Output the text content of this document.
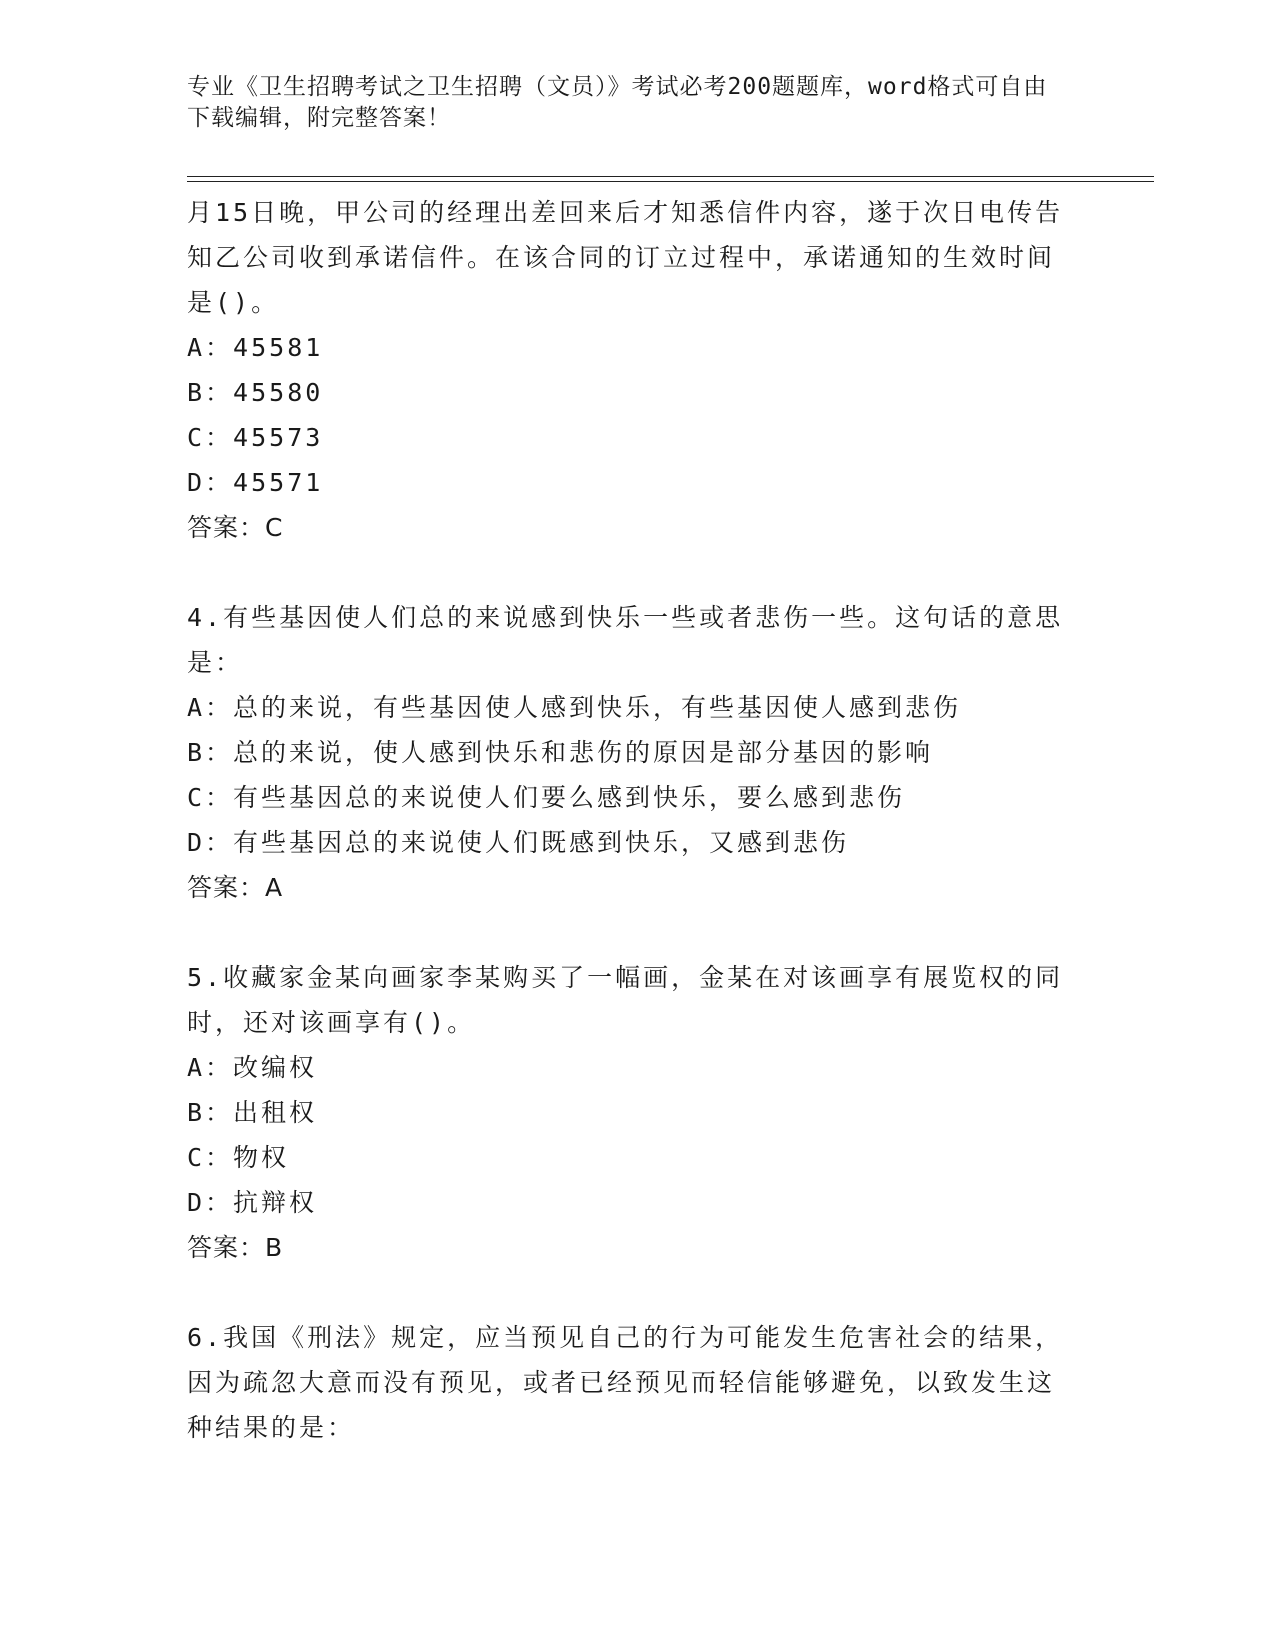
专业《卫生招聘考试之卫生招聘（文员）》考试必考200题题库，word格式可自由下载编辑，附完整答案！

月15日晚，甲公司的经理出差回来后才知悉信件内容，遂于次日电传告知乙公司收到承诺信件。在该合同的订立过程中，承诺通知的生效时间是()。

A：45581

B：45580

C：45573

D：45571

答案：C

4.有些基因使人们总的来说感到快乐一些或者悲伤一些。这句话的意思是：

A：总的来说，有些基因使人感到快乐，有些基因使人感到悲伤

B：总的来说，使人感到快乐和悲伤的原因是部分基因的影响

C：有些基因总的来说使人们要么感到快乐，要么感到悲伤

D：有些基因总的来说使人们既感到快乐，又感到悲伤

答案：A

5.收藏家金某向画家李某购买了一幅画，金某在对该画享有展览权的同时，还对该画享有()。

A：改编权

B：出租权

C：物权

D：抗辩权

答案：B

6.我国《刑法》规定，应当预见自己的行为可能发生危害社会的结果，因为疏忽大意而没有预见，或者已经预见而轻信能够避免，以致发生这种结果的是：
